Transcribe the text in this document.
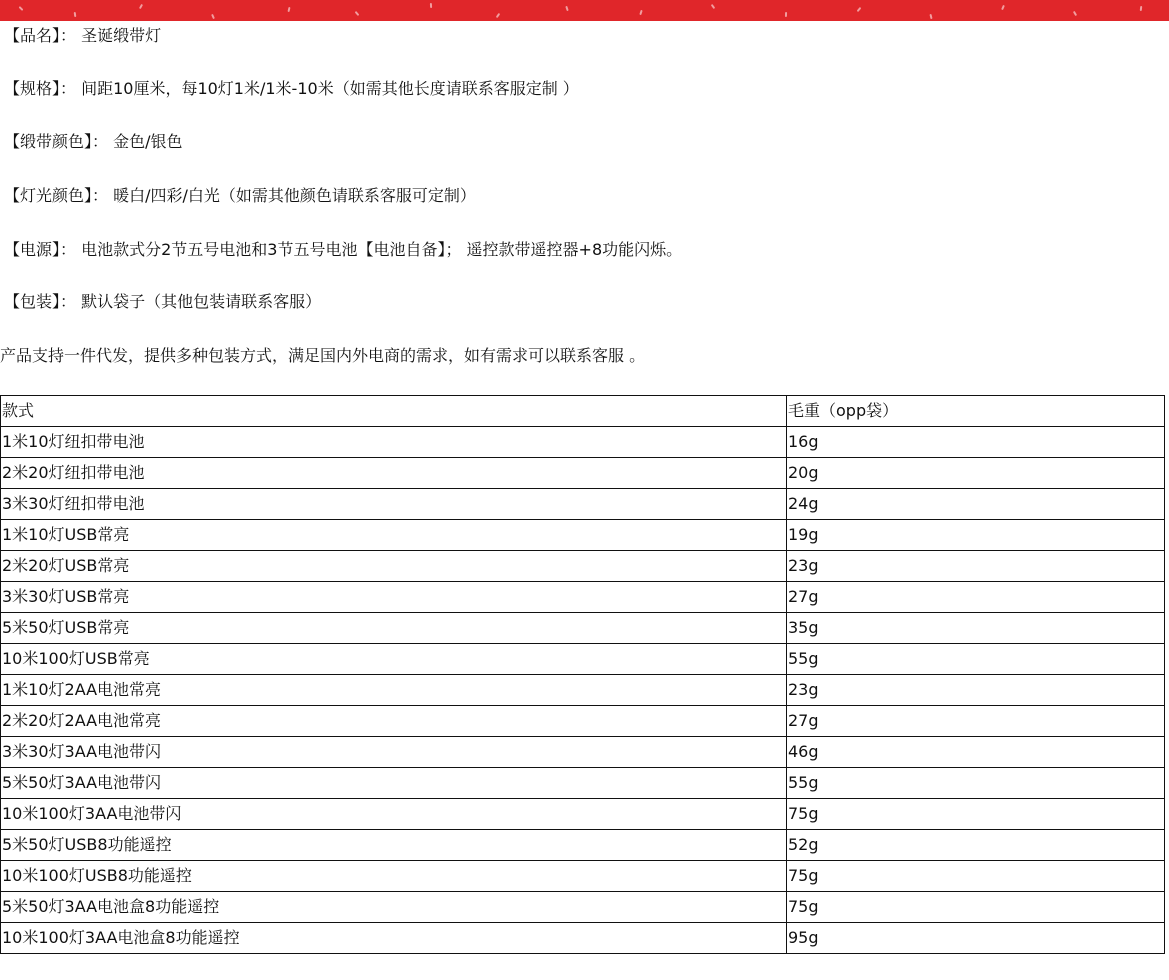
【品名】： 圣诞缎带灯

【规格】： 间距10厘米，每10灯1米/1米-10米（如需其他长度请联系客服定制 ）

【缎带颜色】： 金色/银色

【灯光颜色】： 暖白/四彩/白光（如需其他颜色请联系客服可定制）

【电源】： 电池款式分2节五号电池和3节五号电池【电池自备】； 遥控款带遥控器+8功能闪烁。

【包装】： 默认袋子（其他包装请联系客服）

产品支持一件代发，提供多种包装方式，满足国内外电商的需求，如有需求可以联系客服 。

款式	毛重（opp袋）
1米10灯纽扣带电池	16g
2米20灯纽扣带电池	20g
3米30灯纽扣带电池	24g
1米10灯USB常亮	19g
2米20灯USB常亮	23g
3米30灯USB常亮	27g
5米50灯USB常亮	35g
10米100灯USB常亮	55g
1米10灯2AA电池常亮	23g
2米20灯2AA电池常亮	27g
3米30灯3AA电池带闪	46g
5米50灯3AA电池带闪	55g
10米100灯3AA电池带闪	75g
5米50灯USB8功能遥控	52g
10米100灯USB8功能遥控	75g
5米50灯3AA电池盒8功能遥控	75g
10米100灯3AA电池盒8功能遥控	95g
